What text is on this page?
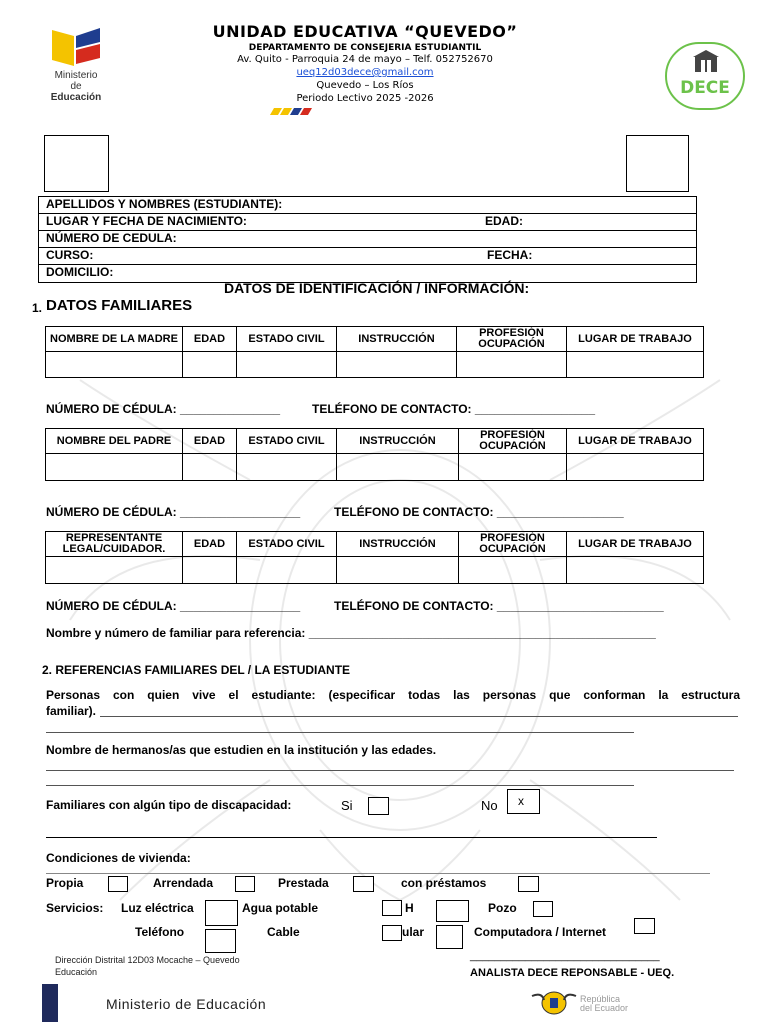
Ministerio
de Educación
UNIDAD EDUCATIVA “QUEVEDO”
DEPARTAMENTO DE CONSEJERIA ESTUDIANTIL
Av. Quito - Parroquia 24 de mayo – Telf. 052752670
ueq12d03dece@gmail.com
Quevedo – Los Ríos
Periodo Lectivo 2025 -2026
DECE
APELLIDOS Y NOMBRES (ESTUDIANTE):
LUGAR Y FECHA DE NACIMIENTO:	EDAD:
NÚMERO DE CEDULA:
CURSO:	FECHA:
DOMICILIO:
DATOS DE IDENTIFICACIÓN / INFORMACIÓN:
1. DATOS FAMILIARES
NOMBRE DE LA MADRE	EDAD	ESTADO CIVIL	INSTRUCCIÓN	PROFESIÓN OCUPACIÓN	LUGAR DE TRABAJO

NÚMERO DE CÉDULA: _______________	TELÉFONO DE CONTACTO: __________________
NOMBRE DEL PADRE	EDAD	ESTADO CIVIL	INSTRUCCIÓN	PROFESIÓN OCUPACIÓN	LUGAR DE TRABAJO

NÚMERO DE CÉDULA: __________________	TELÉFONO DE CONTACTO: ___________________
REPRESENTANTE LEGAL/CUIDADOR.	EDAD	ESTADO CIVIL	INSTRUCCIÓN	PROFESIÓN OCUPACIÓN	LUGAR DE TRABAJO

NÚMERO DE CÉDULA: __________________	TELÉFONO DE CONTACTO: _________________________
Nombre y número de familiar para referencia: ____________________________________________________
2. REFERENCIAS FAMILIARES DEL / LA ESTUDIANTE
Personas con quien vive el estudiante: (especificar todas las personas que conforman la estructura
familiar).
Nombre de hermanos/as que estudien en la institución y las edades.
Familiares con algún tipo de discapacidad:	Si	No x
Condiciones de vivienda:
Propia	Arrendada	Prestada	con préstamos
Servicios: Luz eléctrica	Agua potable	H	Pozo
Teléfono	Cable	ular	Computadora / Internet
Dirección Distrital 12D03 Mocache – Quevedo
Educación
_______________________________
ANALISTA DECE REPONSABLE - UEQ.
Ministerio de Educación	República
del Ecuador
